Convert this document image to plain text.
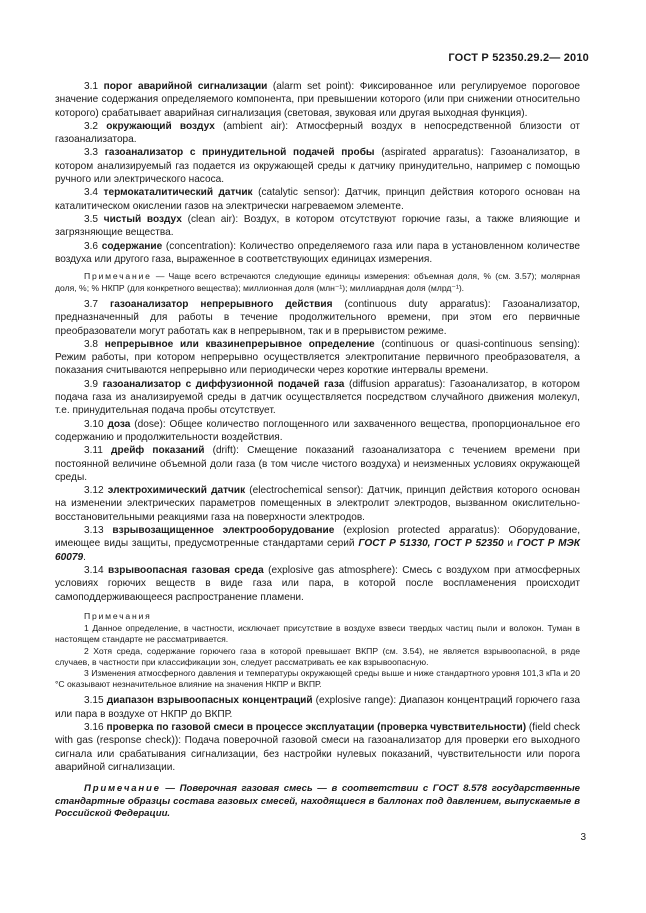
ГОСТ Р 52350.29.2— 2010

3.1 порог аварийной сигнализации (alarm set point): Фиксированное или регулируемое пороговое значение содержания определяемого компонента, при превышении которого (или при снижении относительно которого) срабатывает аварийная сигнализация (световая, звуковая или другая выходная функция).

3.2 окружающий воздух (ambient air): Атмосферный воздух в непосредственной близости от газоанализатора.

3.3 газоанализатор с принудительной подачей пробы (aspirated apparatus): Газоанализатор, в котором анализируемый газ подается из окружающей среды к датчику принудительно, например с помощью ручного или электрического насоса.

3.4 термокаталитический датчик (catalytic sensor): Датчик, принцип действия которого основан на каталитическом окислении газов на электрически нагреваемом элементе.

3.5 чистый воздух (clean air): Воздух, в котором отсутствуют горючие газы, а также влияющие и загрязняющие вещества.

3.6 содержание (concentration): Количество определяемого газа или пара в установленном количестве воздуха или другого газа, выраженное в соответствующих единицах измерения.

Примечание — Чаще всего встречаются следующие единицы измерения: объемная доля, % (см. 3.57); молярная доля, %; % НКПР (для конкретного вещества); миллионная доля (млн⁻¹); миллиардная доля (млрд⁻¹).

3.7 газоанализатор непрерывного действия (continuous duty apparatus): Газоанализатор, предназначенный для работы в течение продолжительного времени, при этом его первичные преобразователи могут работать как в непрерывном, так и в прерывистом режиме.

3.8 непрерывное или квазинепрерывное определение (continuous or quasi-continuous sensing): Режим работы, при котором непрерывно осуществляется электропитание первичного преобразователя, а показания считываются непрерывно или периодически через короткие интервалы времени.

3.9 газоанализатор с диффузионной подачей газа (diffusion apparatus): Газоанализатор, в котором подача газа из анализируемой среды в датчик осуществляется посредством случайного движения молекул, т.е. принудительная подача пробы отсутствует.

3.10 доза (dose): Общее количество поглощенного или захваченного вещества, пропорциональное его содержанию и продолжительности воздействия.

3.11 дрейф показаний (drift): Смещение показаний газоанализатора с течением времени при постоянной величине объемной доли газа (в том числе чистого воздуха) и неизменных условиях окружающей среды.

3.12 электрохимический датчик (electrochemical sensor): Датчик, принцип действия которого основан на изменении электрических параметров помещенных в электролит электродов, вызванном окислительно-восстановительными реакциями газа на поверхности электродов.

3.13 взрывозащищенное электрооборудование (explosion protected apparatus): Оборудование, имеющее виды защиты, предусмотренные стандартами серий ГОСТ Р 51330, ГОСТ Р 52350 и ГОСТ Р МЭК 60079.

3.14 взрывоопасная газовая среда (explosive gas atmosphere): Смесь с воздухом при атмосферных условиях горючих веществ в виде газа или пара, в которой после воспламенения происходит самоподдерживающееся распространение пламени.

Примечания

1 Данное определение, в частности, исключает присутствие в воздухе взвеси твердых частиц пыли и волокон. Туман в настоящем стандарте не рассматривается.

2 Хотя среда, содержание горючего газа в которой превышает ВКПР (см. 3.54), не является взрывоопасной, в ряде случаев, в частности при классификации зон, следует рассматривать ее как взрывоопасную.

3 Изменения атмосферного давления и температуры окружающей среды выше и ниже стандартного уровня 101,3 кПа и 20 °С оказывают незначительное влияние на значения НКПР и ВКПР.

3.15 диапазон взрывоопасных концентраций (explosive range): Диапазон концентраций горючего газа или пара в воздухе от НКПР до ВКПР.

3.16 проверка по газовой смеси в процессе эксплуатации (проверка чувствительности) (field check with gas (response check)): Подача поверочной газовой смеси на газоанализатор для проверки его выходного сигнала или срабатывания сигнализации, без настройки нулевых показаний, чувствительности или порога аварийной сигнализации.

Примечание — Поверочная газовая смесь — в соответствии с ГОСТ 8.578 государственные стандартные образцы состава газовых смесей, находящиеся в баллонах под давлением, выпускаемые в Российской Федерации.

3
